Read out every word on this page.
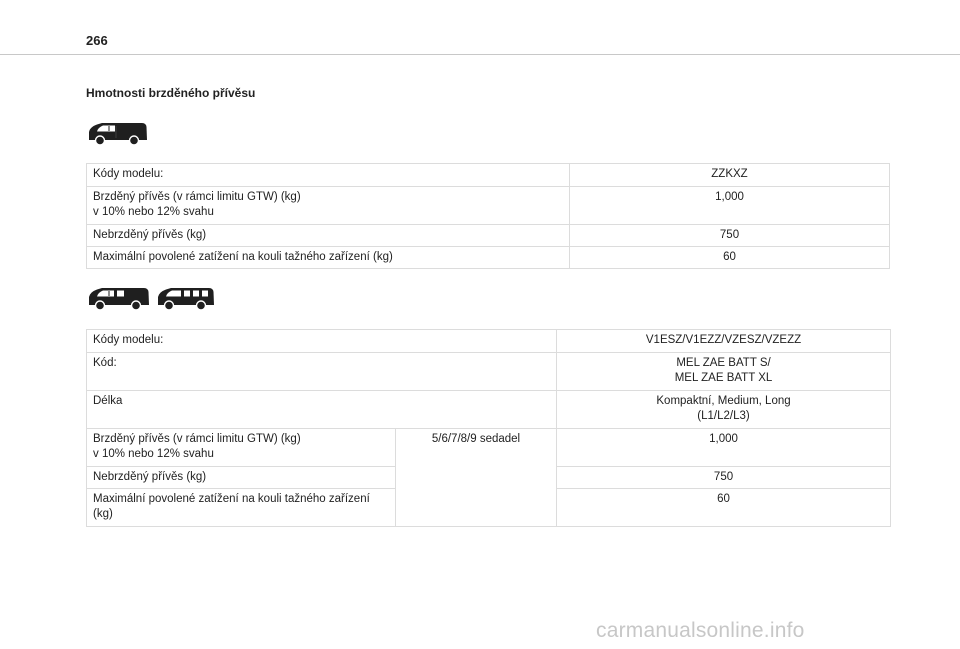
266
Hmotnosti brzděného přívěsu
Kódy modelu:	ZZKXZ
Brzděný přívěs (v rámci limitu GTW) (kg)
v 10% nebo 12% svahu	1,000
Nebrzděný přívěs (kg)	750
Maximální povolené zatížení na kouli tažného zařízení (kg)	60
Kódy modelu:		V1ESZ/V1EZZ/VZESZ/VZEZZ
Kód:		MEL ZAE BATT S/
MEL ZAE BATT XL
Délka		Kompaktní, Medium, Long
(L1/L2/L3)
Brzděný přívěs (v rámci limitu GTW) (kg)
v 10% nebo 12% svahu	5/6/7/8/9 sedadel	1,000
Nebrzděný přívěs (kg)		750
Maximální povolené zatížení na kouli tažného zařízení
(kg)		60
carmanualsonline.info
